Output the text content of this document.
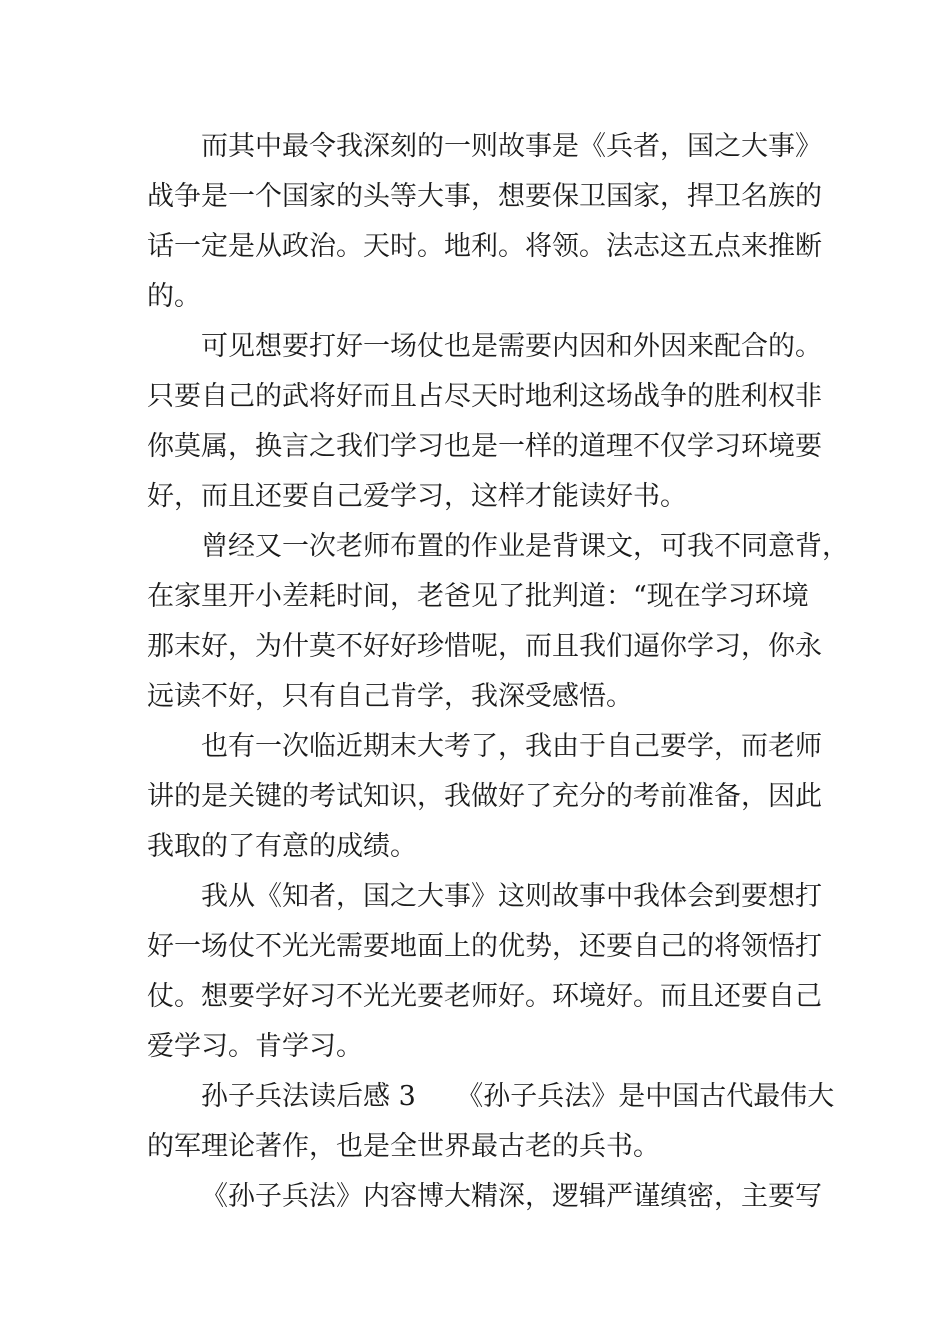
而其中最令我深刻的一则故事是《兵者，国之大事》
战争是一个国家的头等大事，想要保卫国家，捍卫名族的
话一定是从政治。天时。地利。将领。法志这五点来推断
的。
可见想要打好一场仗也是需要内因和外因来配合的。
只要自己的武将好而且占尽天时地利这场战争的胜利权非
你莫属，换言之我们学习也是一样的道理不仅学习环境要
好，而且还要自己爱学习，这样才能读好书。
曾经又一次老师布置的作业是背课文，可我不同意背，
在家里开小差耗时间，老爸见了批判道：“现在学习环境
那末好，为什莫不好好珍惜呢，而且我们逼你学习，你永
远读不好，只有自己肯学，我深受感悟。
也有一次临近期末大考了，我由于自己要学，而老师
讲的是关键的考试知识，我做好了充分的考前准备，因此
我取的了有意的成绩。
我从《知者，国之大事》这则故事中我体会到要想打
好一场仗不光光需要地面上的优势，还要自己的将领悟打
仗。想要学好习不光光要老师好。环境好。而且还要自己
爱学习。肯学习。
孙子兵法读后感 3　　《孙子兵法》是中国古代最伟大
的军理论著作，也是全世界最古老的兵书。
《孙子兵法》内容博大精深，逻辑严谨缜密，主要写
